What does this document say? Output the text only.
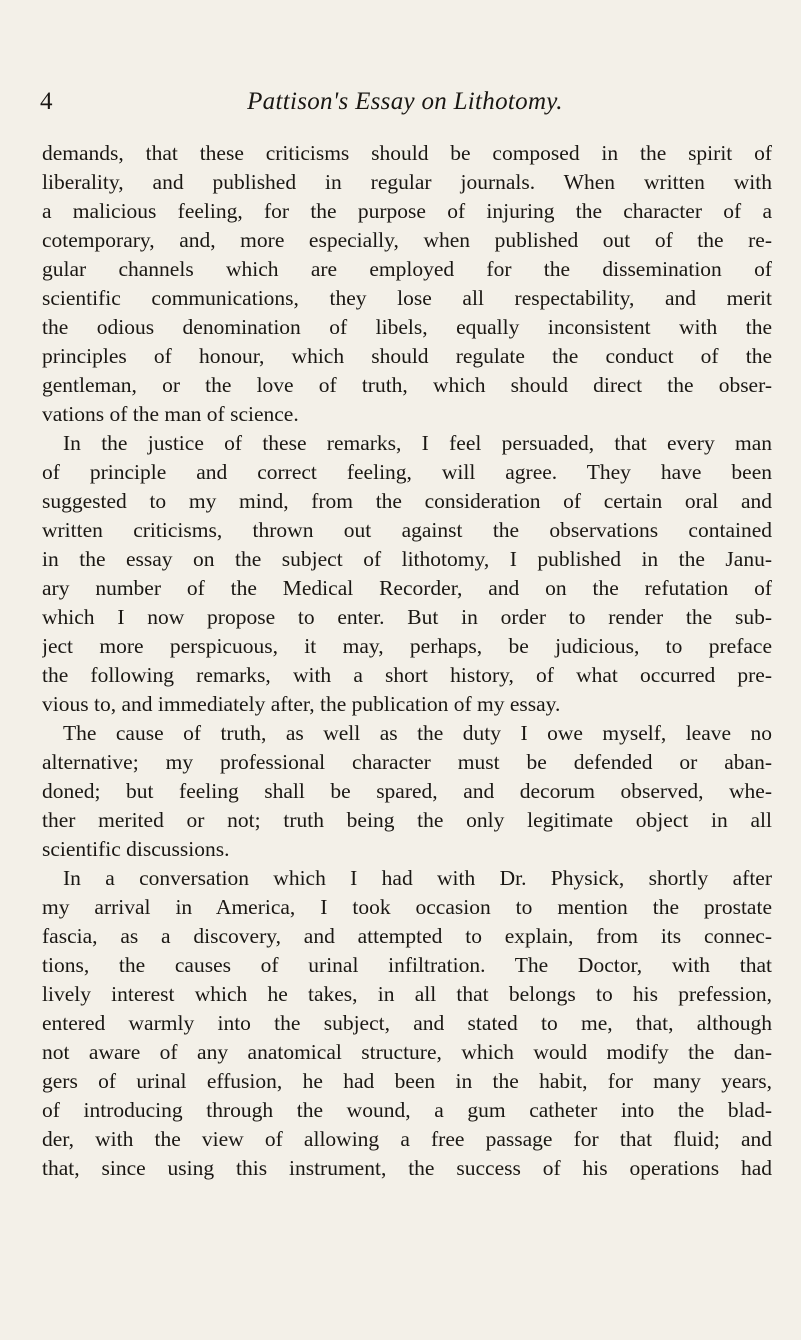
4	Pattison's Essay on Lithotomy.
demands, that these criticisms should be composed in the spirit of
liberality, and published in regular journals. When written with
a malicious feeling, for the purpose of injuring the character of a
cotemporary, and, more especially, when published out of the re-
gular channels which are employed for the dissemination of
scientific communications, they lose all respectability, and merit
the odious denomination of libels, equally inconsistent with the
principles of honour, which should regulate the conduct of the
gentleman, or the love of truth, which should direct the obser-
vations of the man of science.
In the justice of these remarks, I feel persuaded, that every man
of principle and correct feeling, will agree. They have been
suggested to my mind, from the consideration of certain oral and
written criticisms, thrown out against the observations contained
in the essay on the subject of lithotomy, I published in the Janu-
ary number of the Medical Recorder, and on the refutation of
which I now propose to enter. But in order to render the sub-
ject more perspicuous, it may, perhaps, be judicious, to preface
the following remarks, with a short history, of what occurred pre-
vious to, and immediately after, the publication of my essay.
The cause of truth, as well as the duty I owe myself, leave no
alternative; my professional character must be defended or aban-
doned; but feeling shall be spared, and decorum observed, whe-
ther merited or not; truth being the only legitimate object in all
scientific discussions.
In a conversation which I had with Dr. Physick, shortly after
my arrival in America, I took occasion to mention the prostate
fascia, as a discovery, and attempted to explain, from its connec-
tions, the causes of urinal infiltration. The Doctor, with that
lively interest which he takes, in all that belongs to his prefession,
entered warmly into the subject, and stated to me, that, although
not aware of any anatomical structure, which would modify the dan-
gers of urinal effusion, he had been in the habit, for many years,
of introducing through the wound, a gum catheter into the blad-
der, with the view of allowing a free passage for that fluid; and
that, since using this instrument, the success of his operations had
